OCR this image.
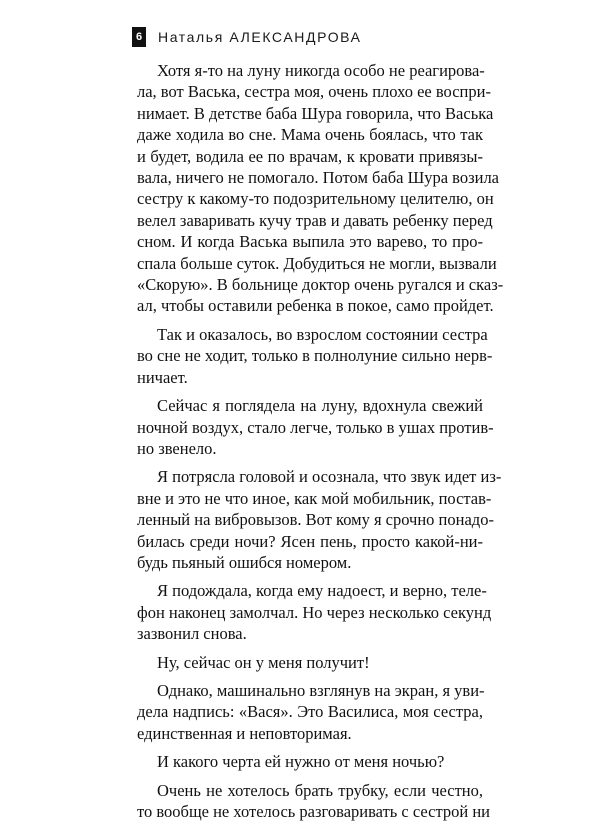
6 Наталья АЛЕКСАНДРОВА
Хотя я-то на луну никогда особо не реагирова-
ла, вот Васька, сестра моя, очень плохо ее воспри-
нимает. В детстве баба Шура говорила, что Васька
даже ходила во сне. Мама очень боялась, что так
и будет, водила ее по врачам, к кровати привязы-
вала, ничего не помогало. Потом баба Шура возила
сестру к какому-то подозрительному целителю, он
велел заваривать кучу трав и давать ребенку перед
сном. И когда Васька выпила это варево, то про-
спала больше суток. Добудиться не могли, вызвали
«Скорую». В больнице доктор очень ругался и сказ-
ал, чтобы оставили ребенка в покое, само пройдет.
Так и оказалось, во взрослом состоянии сестра
во сне не ходит, только в полнолуние сильно нерв-
ничает.
Сейчас я поглядела на луну, вдохнула свежий
ночной воздух, стало легче, только в ушах против-
но звенело.
Я потрясла головой и осознала, что звук идет из-
вне и это не что иное, как мой мобильник, постав-
ленный на вибровызов. Вот кому я срочно понадо-
билась среди ночи? Ясен пень, просто какой-ни-
будь пьяный ошибся номером.
Я подождала, когда ему надоест, и верно, теле-
фон наконец замолчал. Но через несколько секунд
зазвонил снова.
Ну, сейчас он у меня получит!
Однако, машинально взглянув на экран, я уви-
дела надпись: «Вася». Это Василиса, моя сестра,
единственная и неповторимая.
И какого черта ей нужно от меня ночью?
Очень не хотелось брать трубку, если честно,
то вообще не хотелось разговаривать с сестрой ни
